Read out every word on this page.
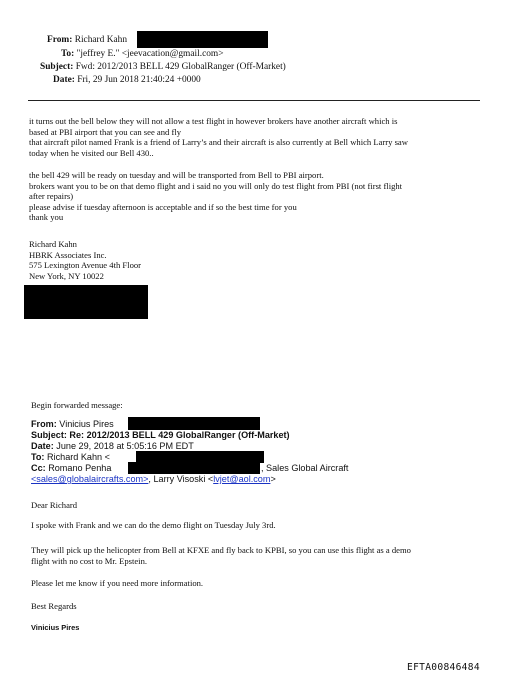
From: Richard Kahn
To: "jeffrey E." <jeevacation@gmail.com>
Subject: Fwd: 2012/2013 BELL 429 GlobalRanger (Off-Market)
Date: Fri, 29 Jun 2018 21:40:24 +0000
it turns out the bell below they will not allow a test flight in however brokers have another aircraft which is
based at PBI airport that you can see and fly
that aircraft pilot named Frank is a friend of Larry’s and their aircraft is also currently at Bell which Larry saw
today when he visited our Bell 430..
the bell 429 will be ready on tuesday and will be transported from Bell to PBI airport.
brokers want you to be on that demo flight and i said no you will only do test flight from PBI (not first flight
after repairs)
please advise if tuesday afternoon is acceptable and if so the best time for you
thank you
Richard Kahn
HBRK Associates Inc.
575 Lexington Avenue 4th Floor
New York, NY 10022
Begin forwarded message:
From: Vinicius Pires
Subject: Re: 2012/2013 BELL 429 GlobalRanger (Off-Market)
Date: June 29, 2018 at 5:05:16 PM EDT
To: Richard Kahn <
Cc: Romano Penha	, Sales Global Aircraft
<sales@globalaircrafts.com>, Larry Visoski <lvjet@aol.com>
Dear Richard
I spoke with Frank and we can do the demo flight on Tuesday July 3rd.
They will pick up the helicopter from Bell at KFXE and fly back to KPBI, so you can use this flight as a demo
flight with no cost to Mr. Epstein.
Please let me know if you need more information.
Best Regards
Vinicius Pires
EFTA00846484
